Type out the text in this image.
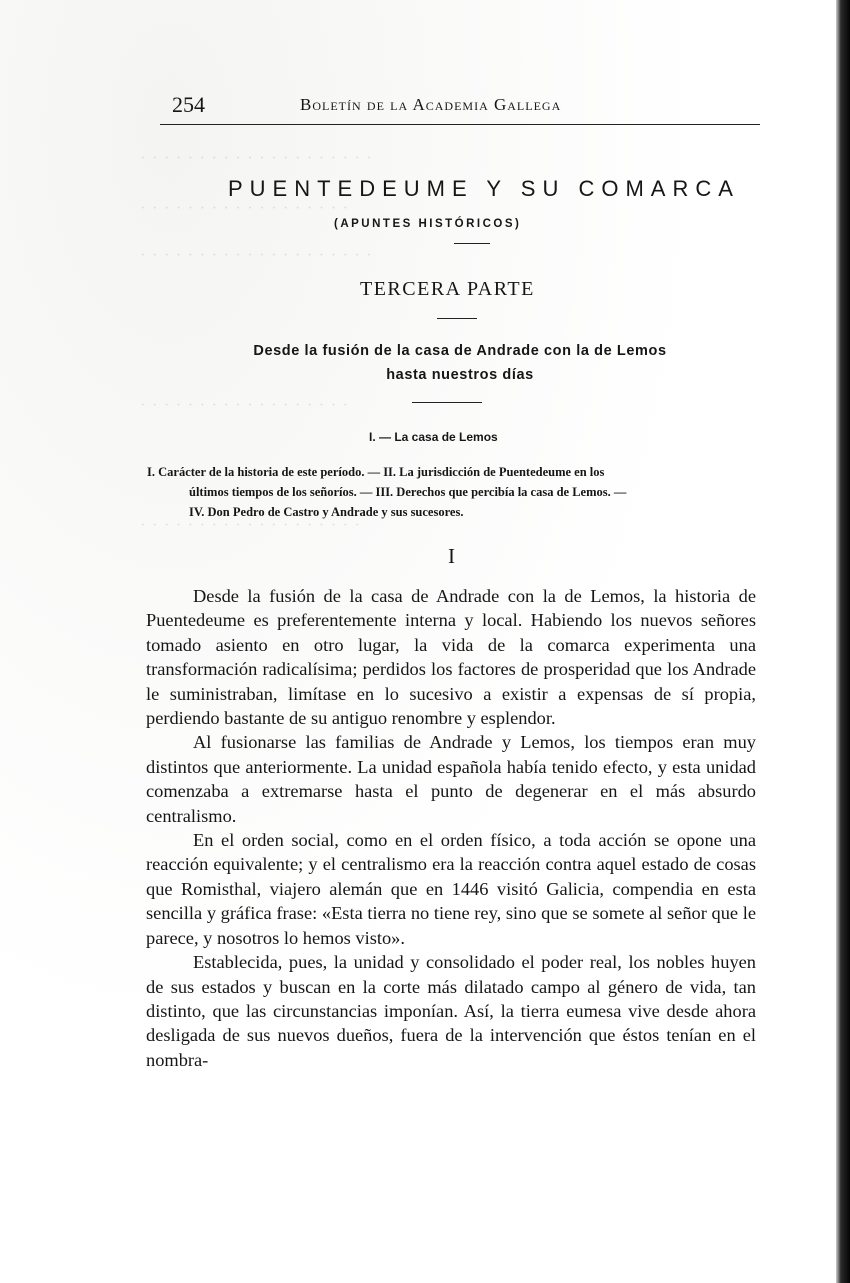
· · · · · · · · · · · · · · · · · · · ·
· · · · · · · · · · · · · · · · · ·
· · · · · · · · · · · · · · · · · · · ·
· · · · · · · · · · · · · · · · · ·
· · · · · · · · · · · · · · · · · · ·
254	Boletín de la Academia Gallega
PUENTEDEUME Y SU COMARCA
(APUNTES HISTÓRICOS)
TERCERA PARTE
Desde la fusión de la casa de Andrade con la de Lemos
hasta nuestros días
I. — La casa de Lemos

I. Carácter de la historia de este período. — II. La jurisdicción de Puentedeume en los

últimos tiempos de los señoríos. — III. Derechos que percibía la casa de Lemos. —

IV. Don Pedro de Castro y Andrade y sus sucesores.

I

Desde la fusión de la casa de Andrade con la de Lemos, la historia de Puentedeume es preferentemente interna y local. Habiendo los nuevos señores tomado asiento en otro lugar, la vida de la comarca experimenta una transformación radicalísima; perdidos los factores de prosperidad que los Andrade le suministraban, limítase en lo sucesivo a existir a expensas de sí propia, perdiendo bastante de su antiguo renombre y esplendor.

Al fusionarse las familias de Andrade y Lemos, los tiempos eran muy distintos que anteriormente. La unidad española había tenido efecto, y esta unidad comenzaba a extremarse hasta el punto de degenerar en el más absurdo centralismo.

En el orden social, como en el orden físico, a toda acción se opone una reacción equivalente; y el centralismo era la reacción contra aquel estado de cosas que Romisthal, viajero alemán que en 1446 visitó Galicia, compendia en esta sencilla y gráfica frase: «Esta tierra no tiene rey, sino que se somete al señor que le parece, y nosotros lo hemos visto».

Establecida, pues, la unidad y consolidado el poder real, los nobles huyen de sus estados y buscan en la corte más dilatado campo al género de vida, tan distinto, que las circunstancias imponían. Así, la tierra eumesa vive desde ahora desligada de sus nuevos dueños, fuera de la intervención que éstos tenían en el nombra-
